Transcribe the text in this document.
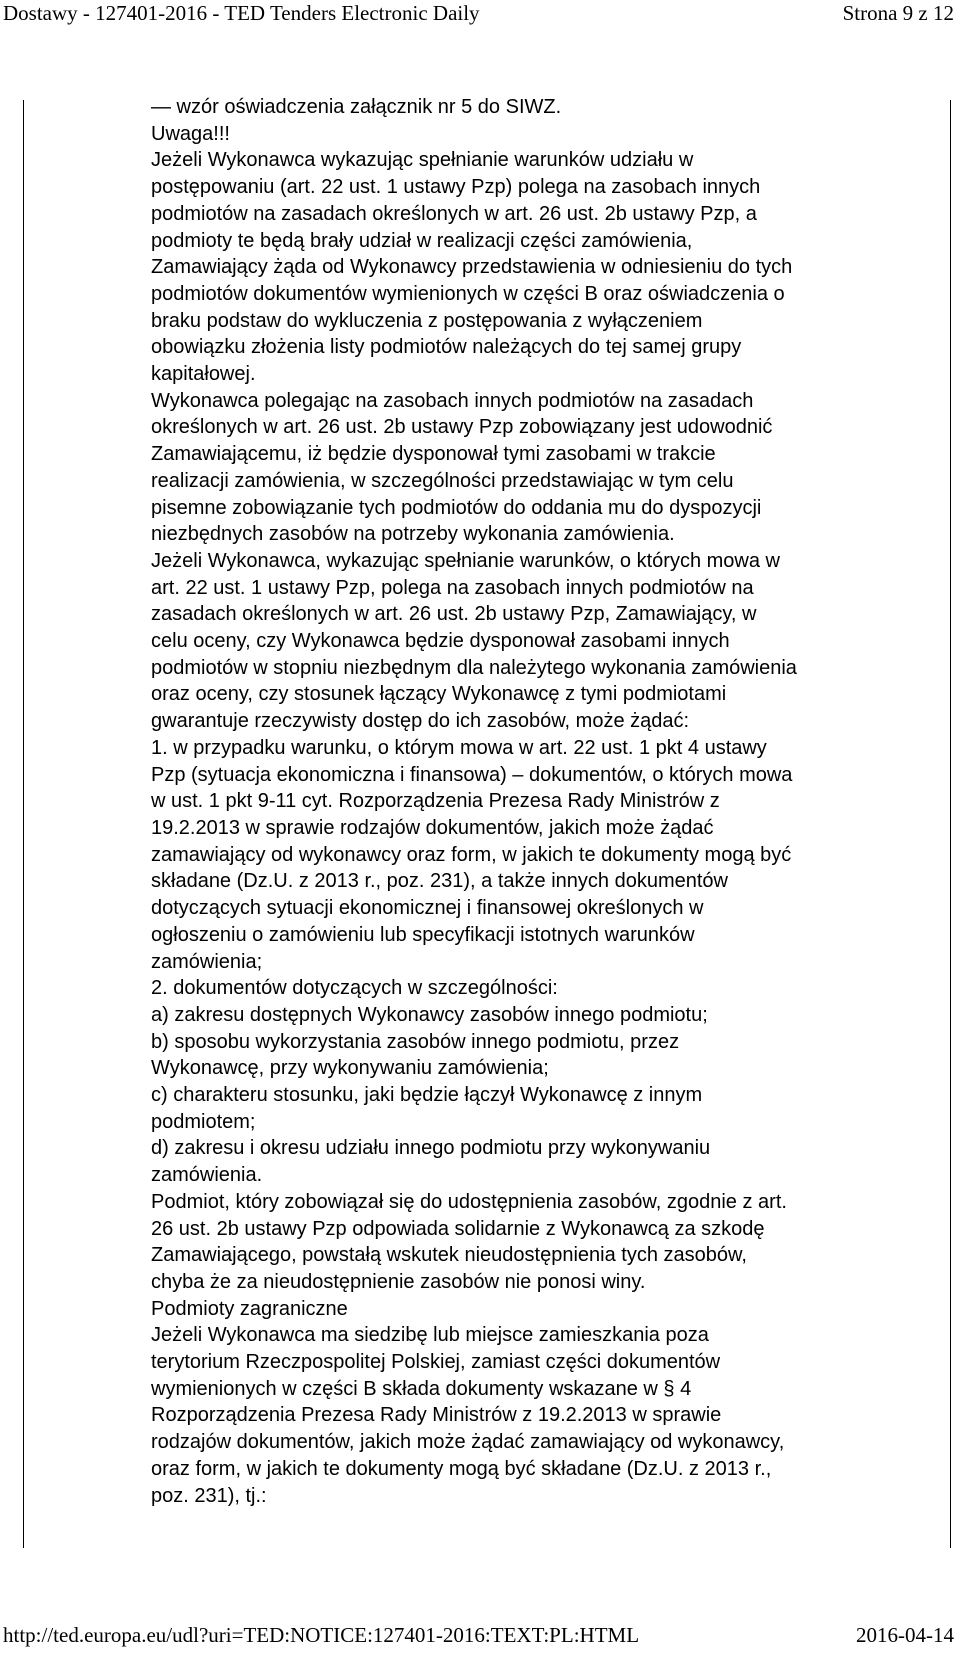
Dostawy - 127401-2016 - TED Tenders Electronic Daily	Strona 9 z 12
— wzór oświadczenia załącznik nr 5 do SIWZ.
Uwaga!!!
Jeżeli Wykonawca wykazując spełnianie warunków udziału w
postępowaniu (art. 22 ust. 1 ustawy Pzp) polega na zasobach innych
podmiotów na zasadach określonych w art. 26 ust. 2b ustawy Pzp, a
podmioty te będą brały udział w realizacji części zamówienia,
Zamawiający żąda od Wykonawcy przedstawienia w odniesieniu do tych
podmiotów dokumentów wymienionych w części B oraz oświadczenia o
braku podstaw do wykluczenia z postępowania z wyłączeniem
obowiązku złożenia listy podmiotów należących do tej samej grupy
kapitałowej.
Wykonawca polegając na zasobach innych podmiotów na zasadach
określonych w art. 26 ust. 2b ustawy Pzp zobowiązany jest udowodnić
Zamawiającemu, iż będzie dysponował tymi zasobami w trakcie
realizacji zamówienia, w szczególności przedstawiając w tym celu
pisemne zobowiązanie tych podmiotów do oddania mu do dyspozycji
niezbędnych zasobów na potrzeby wykonania zamówienia.
Jeżeli Wykonawca, wykazując spełnianie warunków, o których mowa w
art. 22 ust. 1 ustawy Pzp, polega na zasobach innych podmiotów na
zasadach określonych w art. 26 ust. 2b ustawy Pzp, Zamawiający, w
celu oceny, czy Wykonawca będzie dysponował zasobami innych
podmiotów w stopniu niezbędnym dla należytego wykonania zamówienia
oraz oceny, czy stosunek łączący Wykonawcę z tymi podmiotami
gwarantuje rzeczywisty dostęp do ich zasobów, może żądać:
1. w przypadku warunku, o którym mowa w art. 22 ust. 1 pkt 4 ustawy
Pzp (sytuacja ekonomiczna i finansowa) – dokumentów, o których mowa
w ust. 1 pkt 9-11 cyt. Rozporządzenia Prezesa Rady Ministrów z
19.2.2013 w sprawie rodzajów dokumentów, jakich może żądać
zamawiający od wykonawcy oraz form, w jakich te dokumenty mogą być
składane (Dz.U. z 2013 r., poz. 231), a także innych dokumentów
dotyczących sytuacji ekonomicznej i finansowej określonych w
ogłoszeniu o zamówieniu lub specyfikacji istotnych warunków
zamówienia;
2. dokumentów dotyczących w szczególności:
a) zakresu dostępnych Wykonawcy zasobów innego podmiotu;
b) sposobu wykorzystania zasobów innego podmiotu, przez
Wykonawcę, przy wykonywaniu zamówienia;
c) charakteru stosunku, jaki będzie łączył Wykonawcę z innym
podmiotem;
d) zakresu i okresu udziału innego podmiotu przy wykonywaniu
zamówienia.
Podmiot, który zobowiązał się do udostępnienia zasobów, zgodnie z art.
26 ust. 2b ustawy Pzp odpowiada solidarnie z Wykonawcą za szkodę
Zamawiającego, powstałą wskutek nieudostępnienia tych zasobów,
chyba że za nieudostępnienie zasobów nie ponosi winy.
Podmioty zagraniczne
Jeżeli Wykonawca ma siedzibę lub miejsce zamieszkania poza
terytorium Rzeczpospolitej Polskiej, zamiast części dokumentów
wymienionych w części B składa dokumenty wskazane w § 4
Rozporządzenia Prezesa Rady Ministrów z 19.2.2013 w sprawie
rodzajów dokumentów, jakich może żądać zamawiający od wykonawcy,
oraz form, w jakich te dokumenty mogą być składane (Dz.U. z 2013 r.,
poz. 231), tj.:
http://ted.europa.eu/udl?uri=TED:NOTICE:127401-2016:TEXT:PL:HTML	2016-04-14
